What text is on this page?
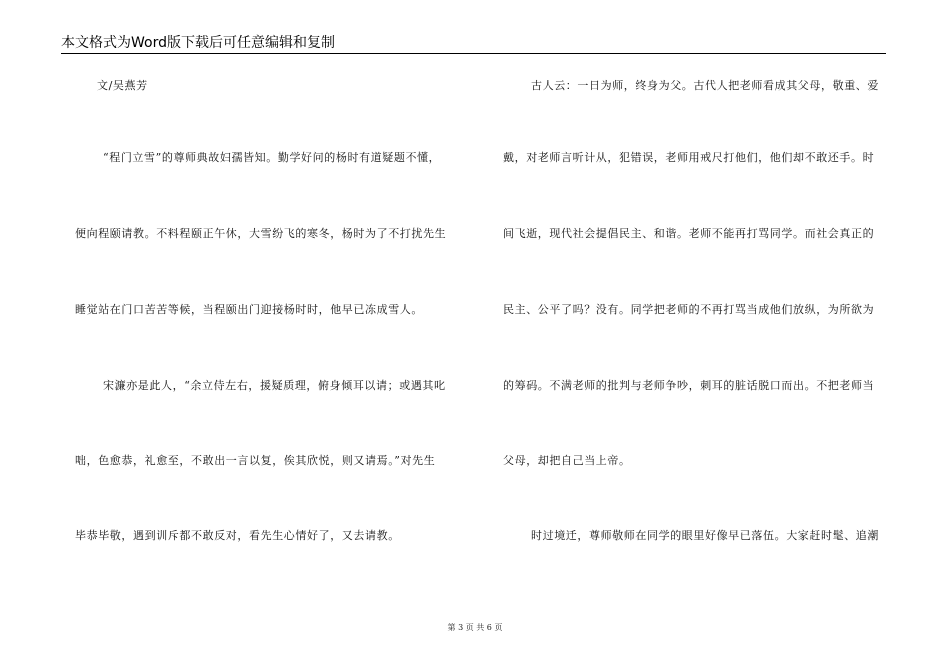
本文格式为Word版下载后可任意编辑和复制
文/吴燕芳
“程门立雪”的尊师典故妇孺皆知。勤学好问的杨时有道疑题不懂，
便向程颐请教。不料程颐正午休，大雪纷飞的寒冬，杨时为了不打扰先生
睡觉站在门口苦苦等候，当程颐出门迎接杨时时，他早已冻成雪人。
宋濂亦是此人，“余立侍左右，援疑质理，俯身倾耳以请；或遇其叱
咄，色愈恭，礼愈至，不敢出一言以复，俟其欣悦，则又请焉。”对先生
毕恭毕敬，遇到训斥都不敢反对，看先生心情好了，又去请教。
古人云：一日为师，终身为父。古代人把老师看成其父母，敬重、爱
戴，对老师言听计从，犯错误，老师用戒尺打他们，他们却不敢还手。时
间飞逝，现代社会提倡民主、和谐。老师不能再打骂同学。而社会真正的
民主、公平了吗？没有。同学把老师的不再打骂当成他们放纵，为所欲为
的筹码。不满老师的批判与老师争吵，刺耳的脏话脱口而出。不把老师当
父母，却把自己当上帝。
时过境迁，尊师敬师在同学的眼里好像早已落伍。大家赶时髦、追潮
第 3 页 共 6 页
